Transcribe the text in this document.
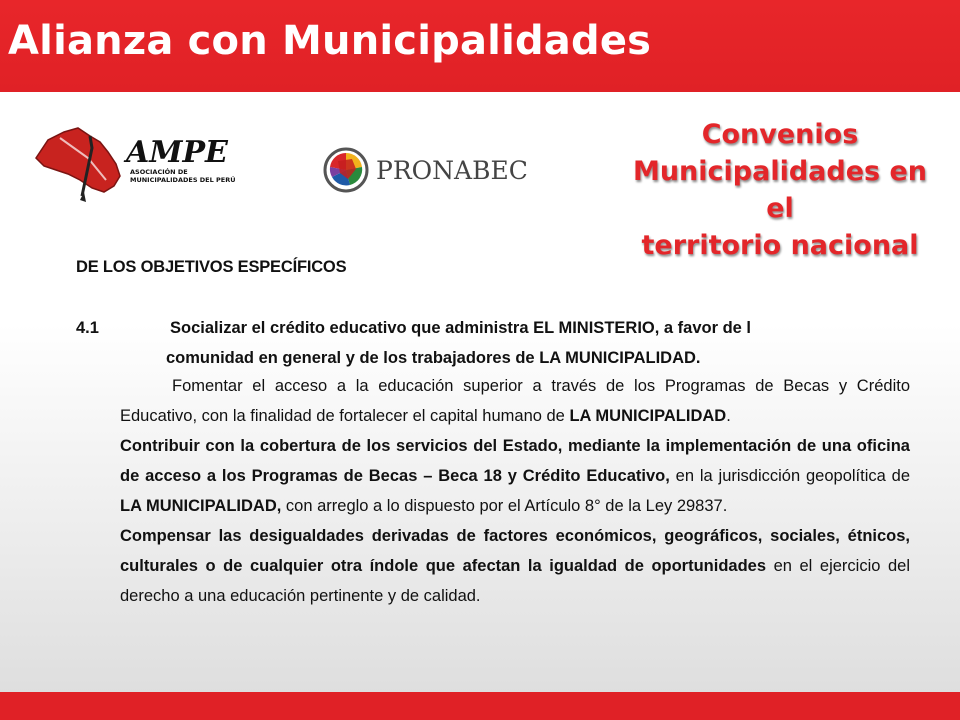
Alianza con Municipalidades
AMPE
ASOCIACIÓN DE
MUNICIPALIDADES DEL PERÚ	PRONABEC
Convenios
Municipalidades en el
territorio nacional
DE LOS OBJETIVOS ESPECÍFICOS
4.1	Socializar el crédito educativo que administra EL MINISTERIO, a favor de l
comunidad en general y de los trabajadores de LA MUNICIPALIDAD.

Fomentar el acceso a la educación superior a través de los Programas de Becas y Crédito Educativo, con la finalidad de fortalecer el capital humano de LA MUNICIPALIDAD.

Contribuir con la cobertura de los servicios del Estado, mediante la implementación de una oficina de acceso a los Programas de Becas – Beca 18 y Crédito Educativo, en la jurisdicción geopolítica de LA MUNICIPALIDAD, con arreglo a lo dispuesto por el Artículo 8° de la Ley 29837.

Compensar las desigualdades derivadas de factores económicos, geográficos, sociales, étnicos, culturales o de cualquier otra índole que afectan la igualdad de oportunidades en el ejercicio del derecho a una educación pertinente y de calidad.
